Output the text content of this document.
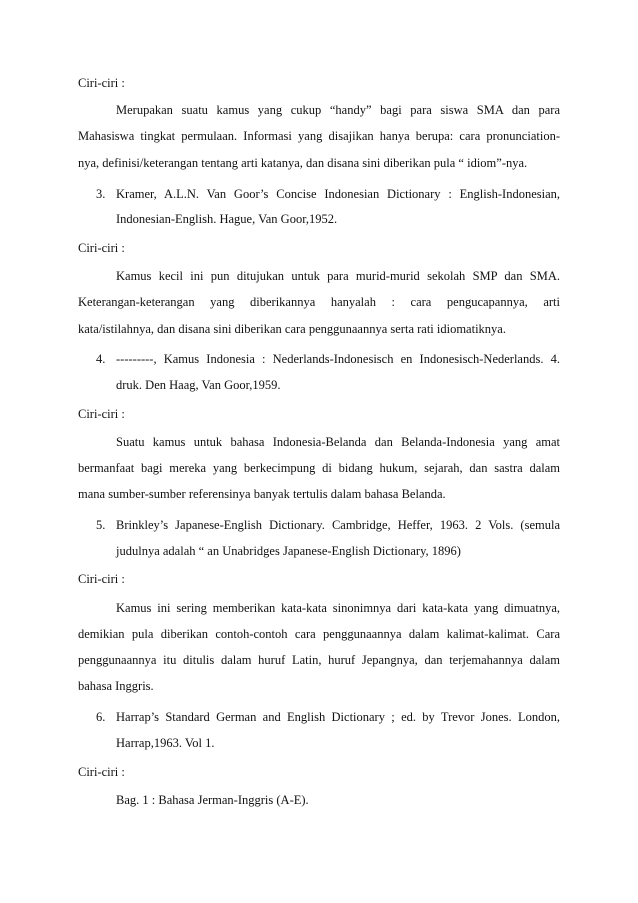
Ciri-ciri :
Merupakan suatu kamus yang cukup “handy” bagi para siswa SMA dan para
Mahasiswa tingkat permulaan. Informasi yang disajikan hanya berupa: cara pronunciation-
nya, definisi/keterangan tentang arti katanya, dan disana sini diberikan pula “ idiom”-nya.
3. Kramer, A.L.N. Van Goor’s Concise Indonesian Dictionary : English-Indonesian,
Indonesian-English. Hague, Van Goor,1952.
Ciri-ciri :
Kamus kecil ini pun ditujukan untuk para murid-murid sekolah SMP dan SMA.
Keterangan-keterangan yang diberikannya hanyalah : cara pengucapannya, arti
kata/istilahnya, dan disana sini diberikan cara penggunaannya serta rati idiomatiknya.
4. ---------, Kamus Indonesia : Nederlands-Indonesisch en Indonesisch-Nederlands. 4.
druk. Den Haag, Van Goor,1959.
Ciri-ciri :
Suatu kamus untuk bahasa Indonesia-Belanda dan Belanda-Indonesia yang amat
bermanfaat bagi mereka yang berkecimpung di bidang hukum, sejarah, dan sastra dalam
mana sumber-sumber referensinya banyak tertulis dalam bahasa Belanda.
5. Brinkley’s Japanese-English Dictionary. Cambridge, Heffer, 1963. 2 Vols. (semula
judulnya adalah “ an Unabridges Japanese-English Dictionary, 1896)
Ciri-ciri :
Kamus ini sering memberikan kata-kata sinonimnya dari kata-kata yang dimuatnya,
demikian pula diberikan contoh-contoh cara penggunaannya dalam kalimat-kalimat. Cara
penggunaannya itu ditulis dalam huruf Latin, huruf Jepangnya, dan terjemahannya dalam
bahasa Inggris.
6. Harrap’s Standard German and English Dictionary ; ed. by Trevor Jones. London,
Harrap,1963. Vol 1.
Ciri-ciri :
Bag. 1 : Bahasa Jerman-Inggris (A-E).
